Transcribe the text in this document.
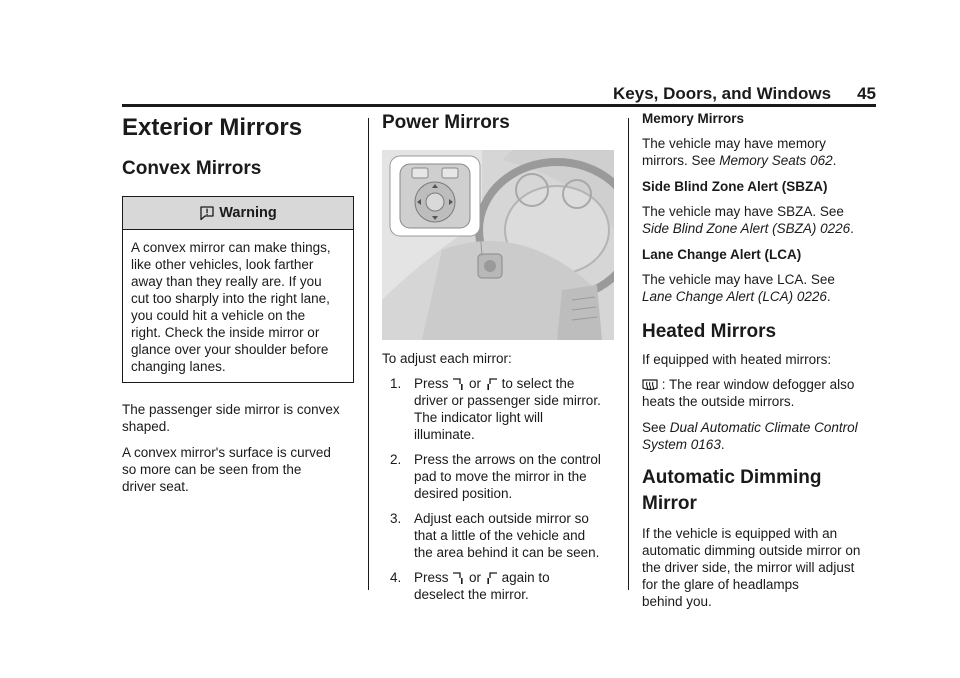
Keys, Doors, and Windows 45
Exterior Mirrors
Convex Mirrors
Warning

A convex mirror can make things,

like other vehicles, look farther

away than they really are. If you

cut too sharply into the right lane,

you could hit a vehicle on the

right. Check the inside mirror or

glance over your shoulder before

changing lanes.

The passenger side mirror is convex

shaped.

A convex mirror's surface is curved

so more can be seen from the

driver seat.

Power Mirrors

To adjust each mirror:

1. Press or to select the
driver or passenger side mirror.
The indicator light will
illuminate.
2. Press the arrows on the control
pad to move the mirror in the
desired position.
3. Adjust each outside mirror so
that a little of the vehicle and
the area behind it can be seen.
4. Press or again to
deselect the mirror.
Memory Mirrors

The vehicle may have memory

mirrors. See Memory Seats 062.

Side Blind Zone Alert (SBZA)

The vehicle may have SBZA. See

Side Blind Zone Alert (SBZA) 0226.

Lane Change Alert (LCA)

The vehicle may have LCA. See

Lane Change Alert (LCA) 0226.

Heated Mirrors

If equipped with heated mirrors:

: The rear window defogger also

heats the outside mirrors.

See Dual Automatic Climate Control

System 0163.

Automatic Dimming
Mirror

If the vehicle is equipped with an

automatic dimming outside mirror on

the driver side, the mirror will adjust

for the glare of headlamps

behind you.
